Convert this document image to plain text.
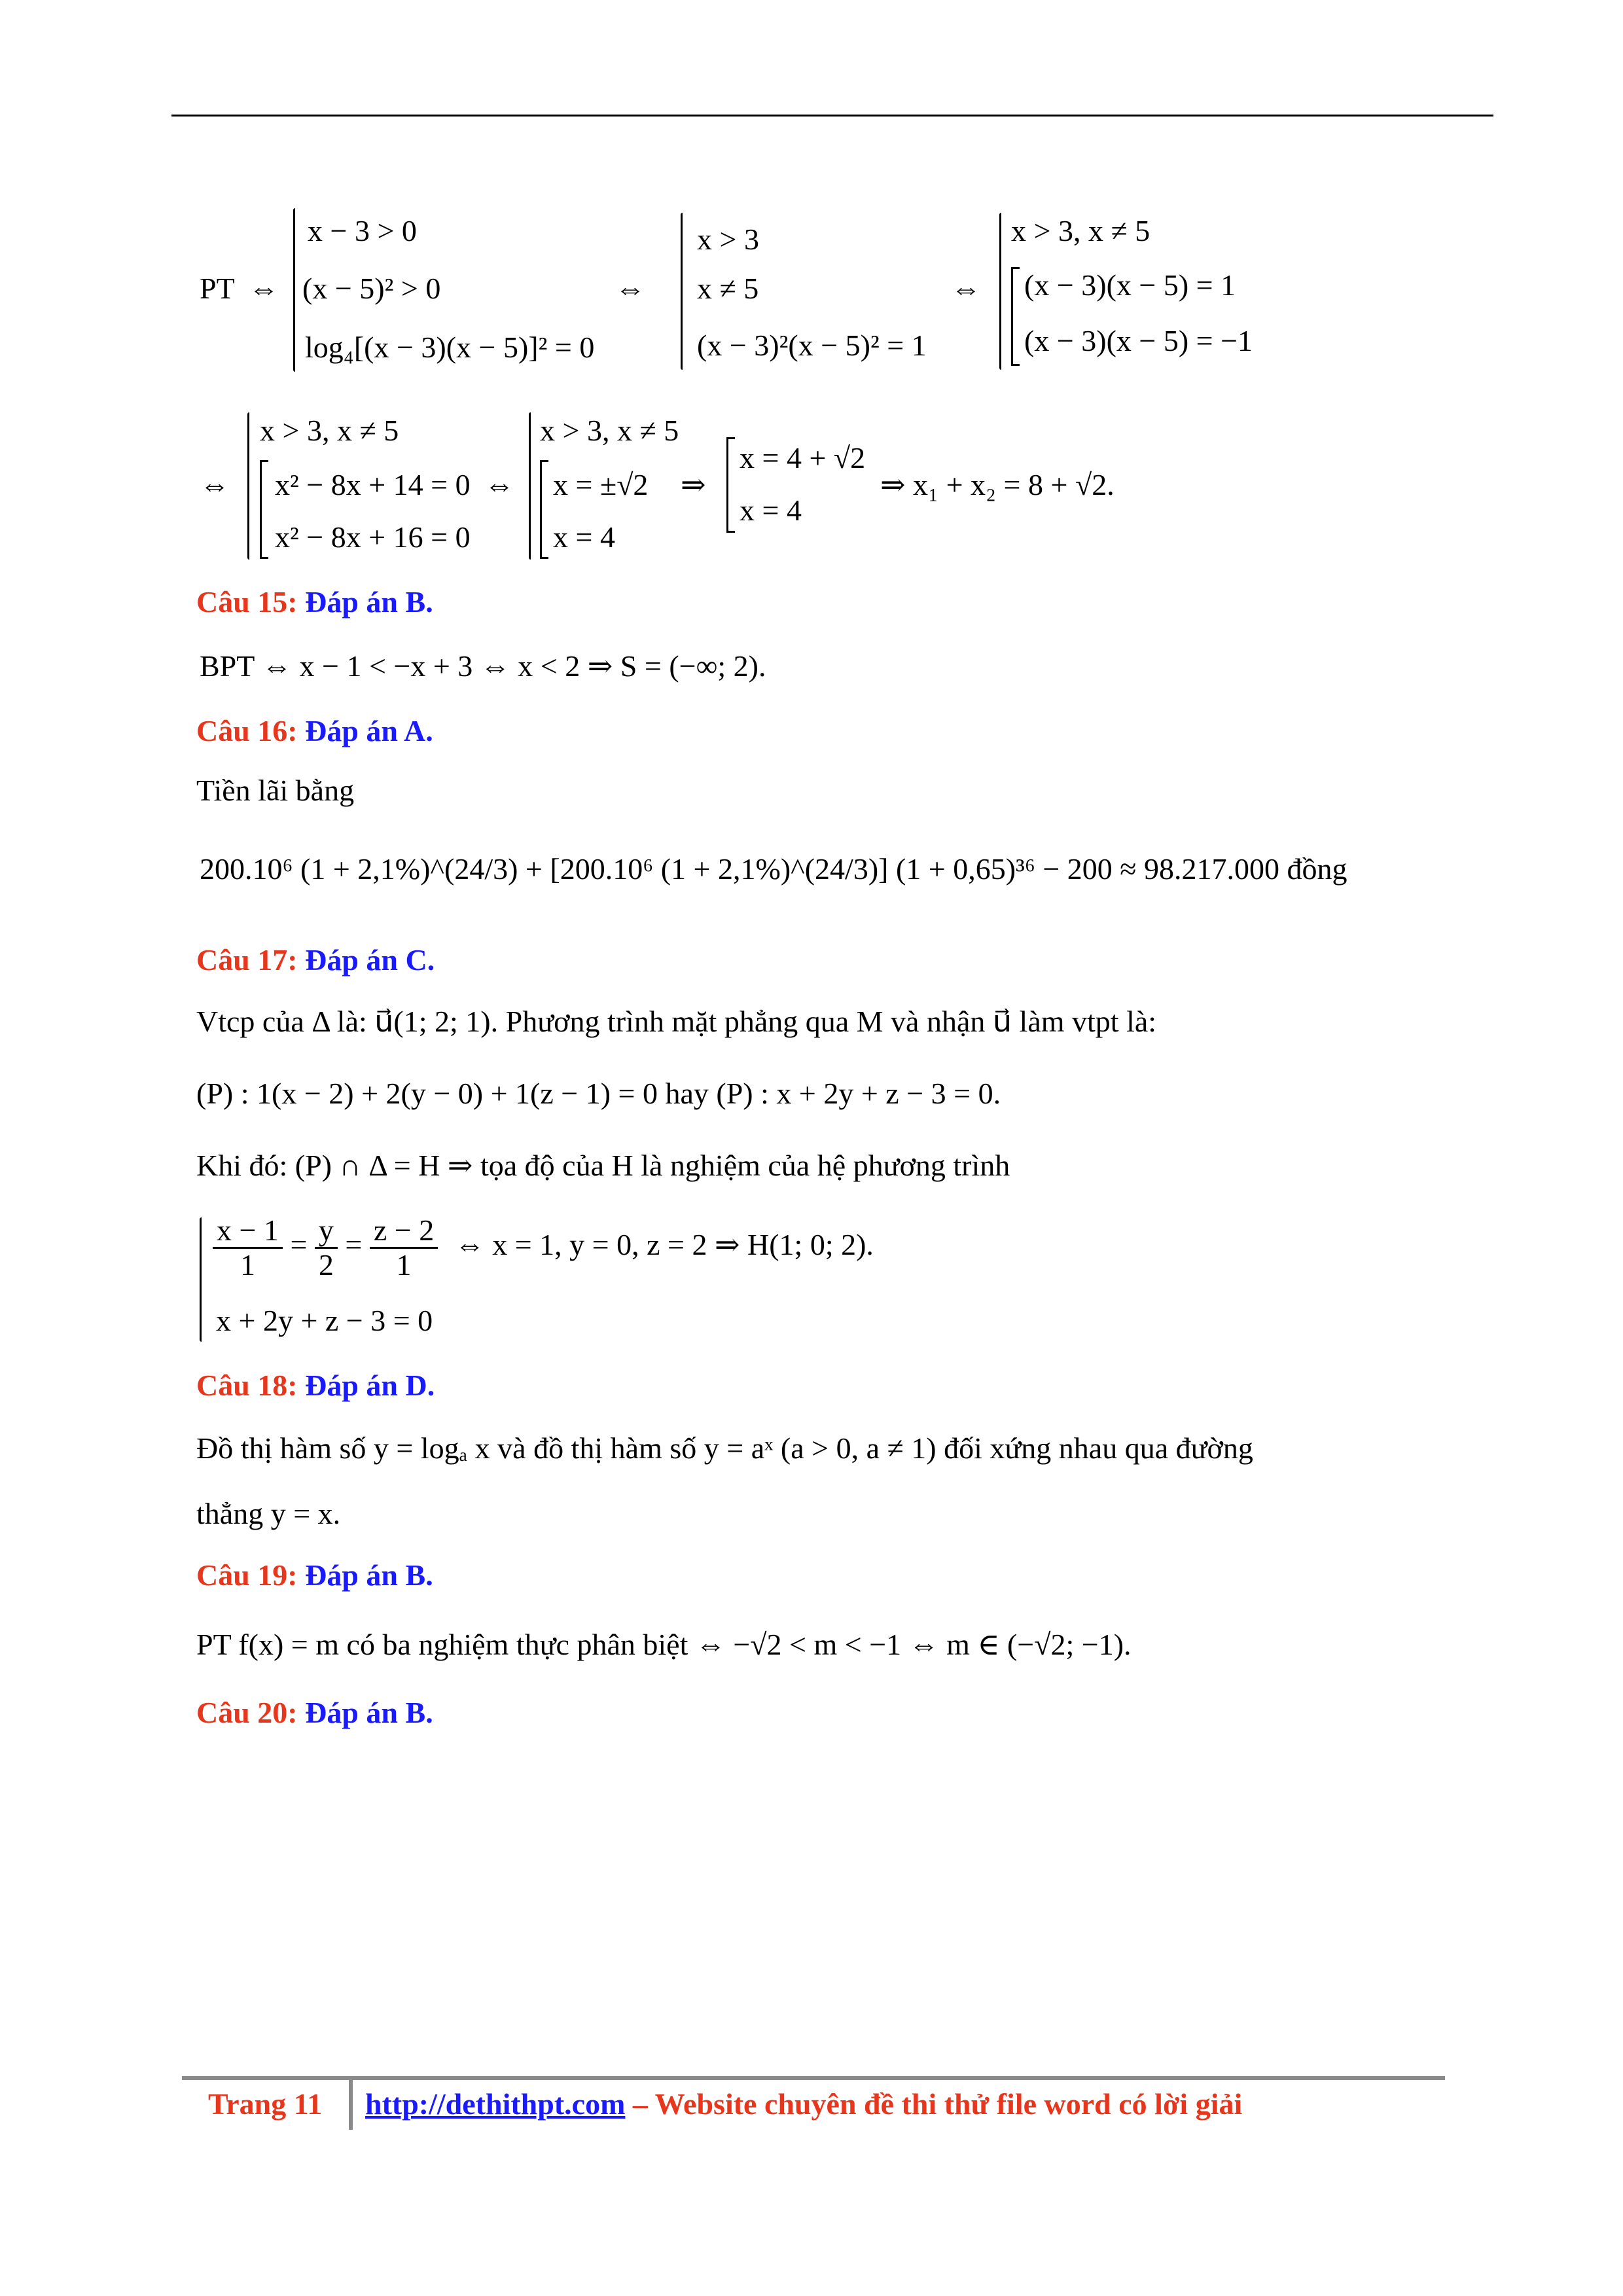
PT ⇔
x − 3 > 0
(x − 5)² > 0
log₄[(x − 3)(x − 5)]² = 0
⇔
x > 3
x ≠ 5
(x − 3)²(x − 5)² = 1
⇔
x > 3, x ≠ 5
(x − 3)(x − 5) = 1
(x − 3)(x − 5) = −1
⇔
x > 3, x ≠ 5
x² − 8x + 14 = 0
x² − 8x + 16 = 0
⇔
x > 3, x ≠ 5
x = ±√2
x = 4
⇒
x = 4 + √2
x = 4
⇒ x₁ + x₂ = 8 + √2.
Câu 15: Đáp án B.
BPT ⇔ x − 1 < −x + 3 ⇔ x < 2 ⇒ S = (−∞; 2).
Câu 16: Đáp án A.
Tiền lãi bằng
200.10⁶ (1 + 2,1%)^(24/3) + [200.10⁶ (1 + 2,1%)^(24/3)] (1 + 0,65)³⁶ − 200 ≈ 98.217.000 đồng
Câu 17: Đáp án C.
Vtcp của Δ là: u⃗(1; 2; 1). Phương trình mặt phẳng qua M và nhận u⃗ làm vtpt là:
(P) : 1(x − 2) + 2(y − 0) + 1(z − 1) = 0 hay (P) : x + 2y + z − 3 = 0.
Khi đó: (P) ∩ Δ = H ⇒ tọa độ của H là nghiệm của hệ phương trình
$\frac{x - 1}{1} = \frac{y}{2} = \frac{z - 2}{1}$ ⇔ x = 1, y = 0, z = 2 ⇒ H(1; 0; 2).
x + 2y + z − 3 = 0
Câu 18: Đáp án D.
Đồ thị hàm số y = logₐ x và đồ thị hàm số y = aˣ (a > 0, a ≠ 1) đối xứng nhau qua đường
thẳng y = x.
Câu 19: Đáp án B.
PT f(x) = m có ba nghiệm thực phân biệt ⇔ −√2 < m < −1 ⇔ m ∈ (−√2; −1).
Câu 20: Đáp án B.
Trang 11 http://dethithpt.com – Website chuyên đề thi thử file word có lời giải
